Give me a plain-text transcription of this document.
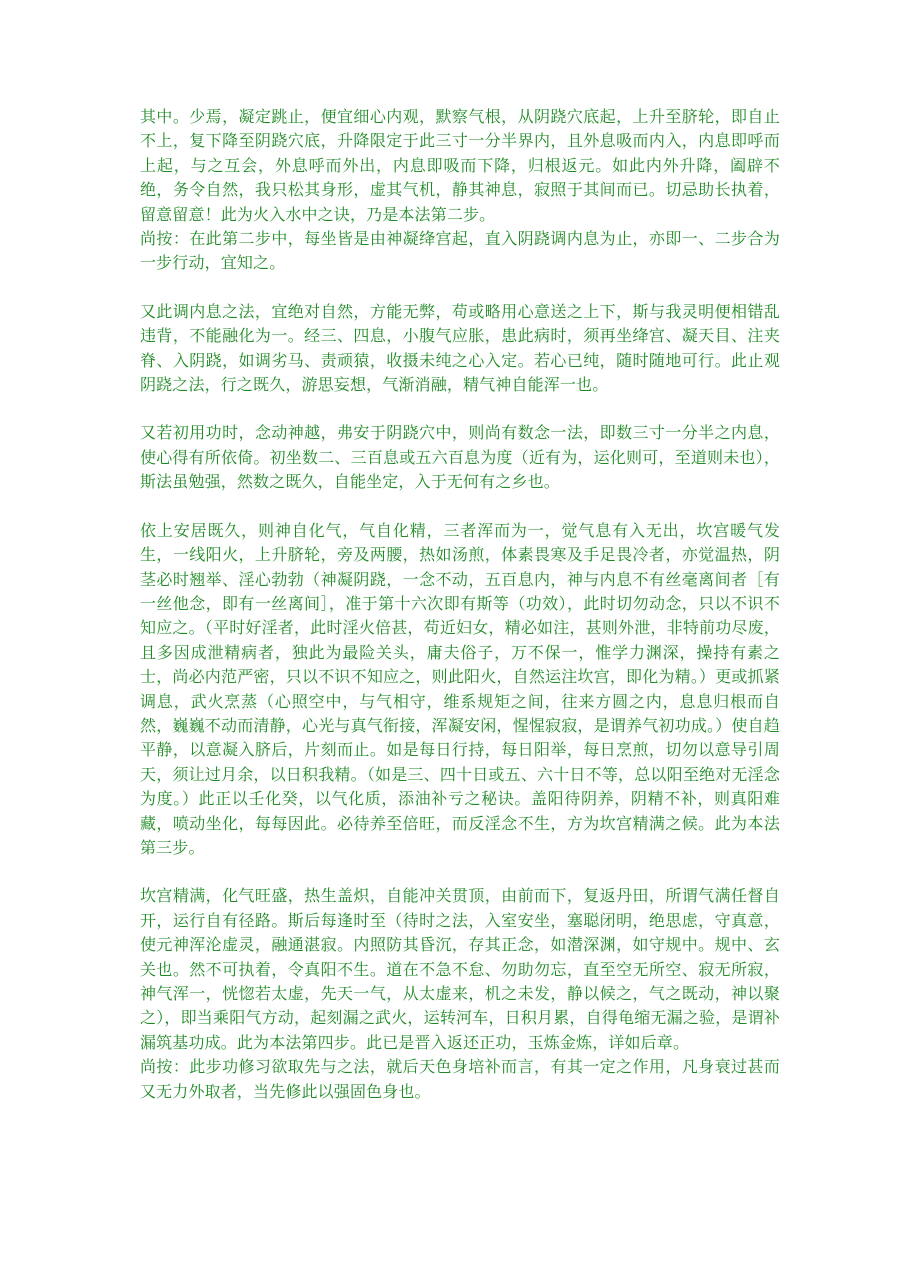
其中。少焉，凝定跳止，便宜细心内观，默察气根，从阴跷穴底起，上升至脐轮，即自止不上，复下降至阴跷穴底，升降限定于此三寸一分半界内，且外息吸而内入，内息即呼而上起，与之互会，外息呼而外出，内息即吸而下降，归根返元。如此内外升降，阖辟不绝，务令自然，我只松其身形，虚其气机，静其神息，寂照于其间而已。切忌助长执着，留意留意！此为火入水中之诀，乃是本法第二步。

尚按：在此第二步中，每坐皆是由神凝绛宫起，直入阴跷调内息为止，亦即一、二步合为一步行动，宜知之。

又此调内息之法，宜绝对自然，方能无弊，苟或略用心意送之上下，斯与我灵明便相错乱违背，不能融化为一。经三、四息，小腹气应胀，患此病时，须再坐绛宫、凝天目、注夹脊、入阴跷，如调劣马、责顽猿，收摄未纯之心入定。若心已纯，随时随地可行。此止观阴跷之法，行之既久，游思妄想，气渐消融，精气神自能浑一也。

又若初用功时，念动神越，弗安于阴跷穴中，则尚有数念一法，即数三寸一分半之内息，使心得有所依倚。初坐数二、三百息或五六百息为度（近有为，运化则可，至道则未也），斯法虽勉强，然数之既久，自能坐定，入于无何有之乡也。

依上安居既久，则神自化气，气自化精，三者浑而为一，觉气息有入无出，坎宫暖气发生，一线阳火，上升脐轮，旁及两腰，热如汤煎，体素畏寒及手足畏冷者，亦觉温热，阴茎必时翘举、淫心勃勃（神凝阴跷，一念不动，五百息内，神与内息不有丝毫离间者［有一丝他念，即有一丝离间］，准于第十六次即有斯等（功效），此时切勿动念，只以不识不知应之。（平时好淫者，此时淫火倍甚，苟近妇女，精必如注，甚则外泄，非特前功尽废，且多因成泄精病者，独此为最险关头，庸夫俗子，万不保一，惟学力渊深，操持有素之士，尚必内范严密，只以不识不知应之，则此阳火，自然运注坎宫，即化为精。）更或抓紧调息，武火烹蒸（心照空中，与气相守，维系规矩之间，往来方圆之内，息息归根而自然，巍巍不动而清静，心光与真气衔接，浑凝安闲，惺惺寂寂，是谓养气初功成。）使自趋平静，以意凝入脐后，片刻而止。如是每日行持，每日阳举，每日烹煎，切勿以意导引周天，须让过月余，以日积我精。（如是三、四十日或五、六十日不等，总以阳至绝对无淫念为度。）此正以壬化癸，以气化质，添油补亏之秘诀。盖阳待阴养，阴精不补，则真阳难藏，喷动坐化，每每因此。必待养至倍旺，而反淫念不生，方为坎宫精满之候。此为本法第三步。

坎宫精满，化气旺盛，热生盖炽，自能冲关贯顶，由前而下，复返丹田，所谓气满任督自开，运行自有径路。斯后每逢时至（待时之法，入室安坐，塞聪闭明，绝思虑，守真意，使元神浑沦虚灵，融通湛寂。内照防其昏沉，存其正念，如潜深渊，如守规中。规中、玄关也。然不可执着，令真阳不生。道在不急不怠、勿助勿忘，直至空无所空、寂无所寂，神气浑一，恍惚若太虚，先天一气，从太虚来，机之未发，静以候之，气之既动，神以聚之），即当乘阳气方动，起刻漏之武火，运转河车，日积月累，自得龟缩无漏之验，是谓补漏筑基功成。此为本法第四步。此已是晋入返还正功，玉炼金炼，详如后章。

尚按：此步功修习欲取先与之法，就后天色身培补而言，有其一定之作用，凡身衰过甚而又无力外取者，当先修此以强固色身也。
